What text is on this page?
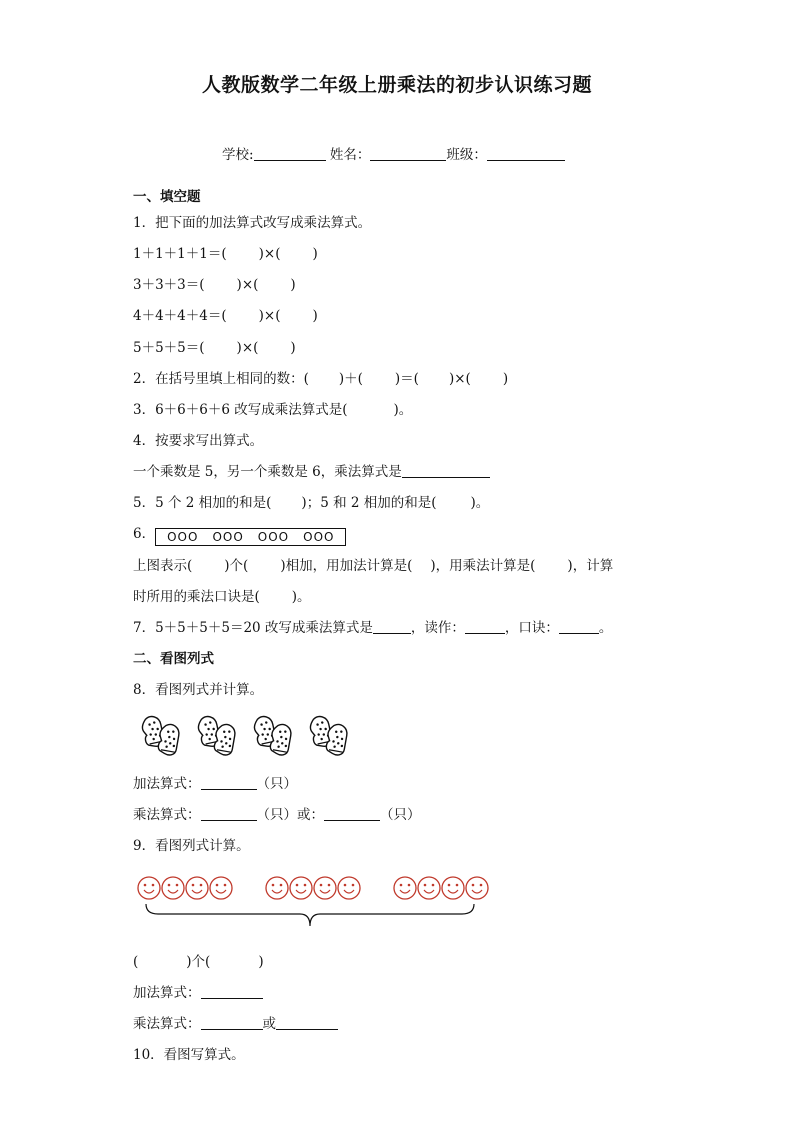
人教版数学二年级上册乘法的初步认识练习题
学校:	姓名：	班级：
一、填空题
1．把下面的加法算式改写成乘法算式。
1＋1＋1＋1＝( )×( )
3＋3＋3＝( )×( )
4＋4＋4＋4＝( )×( )
5＋5＋5＝( )×( )
2．在括号里填上相同的数：( )＋( )＝( )×( )
3．6＋6＋6＋6 改写成乘法算式是(	)。
4．按要求写出算式。
一个乘数是 5，另一个乘数是 6，乘法算式是
5．5 个 2 相加的和是( )；5 和 2 相加的和是(	)。
6． OOO OOO OOO OOO
上图表示( )个( )相加，用加法计算是( )，用乘法计算是( )，计算
时所用的乘法口诀是( )。
7．5＋5＋5＋5＝20 改写成乘法算式是	，读作：	，口诀：	。
二、看图列式
8．看图列式并计算。
加法算式：	（只）
乘法算式：	（只）或：	（只）
9．看图列式计算。
(	)个(	)
加法算式：
乘法算式：	或
10．看图写算式。
